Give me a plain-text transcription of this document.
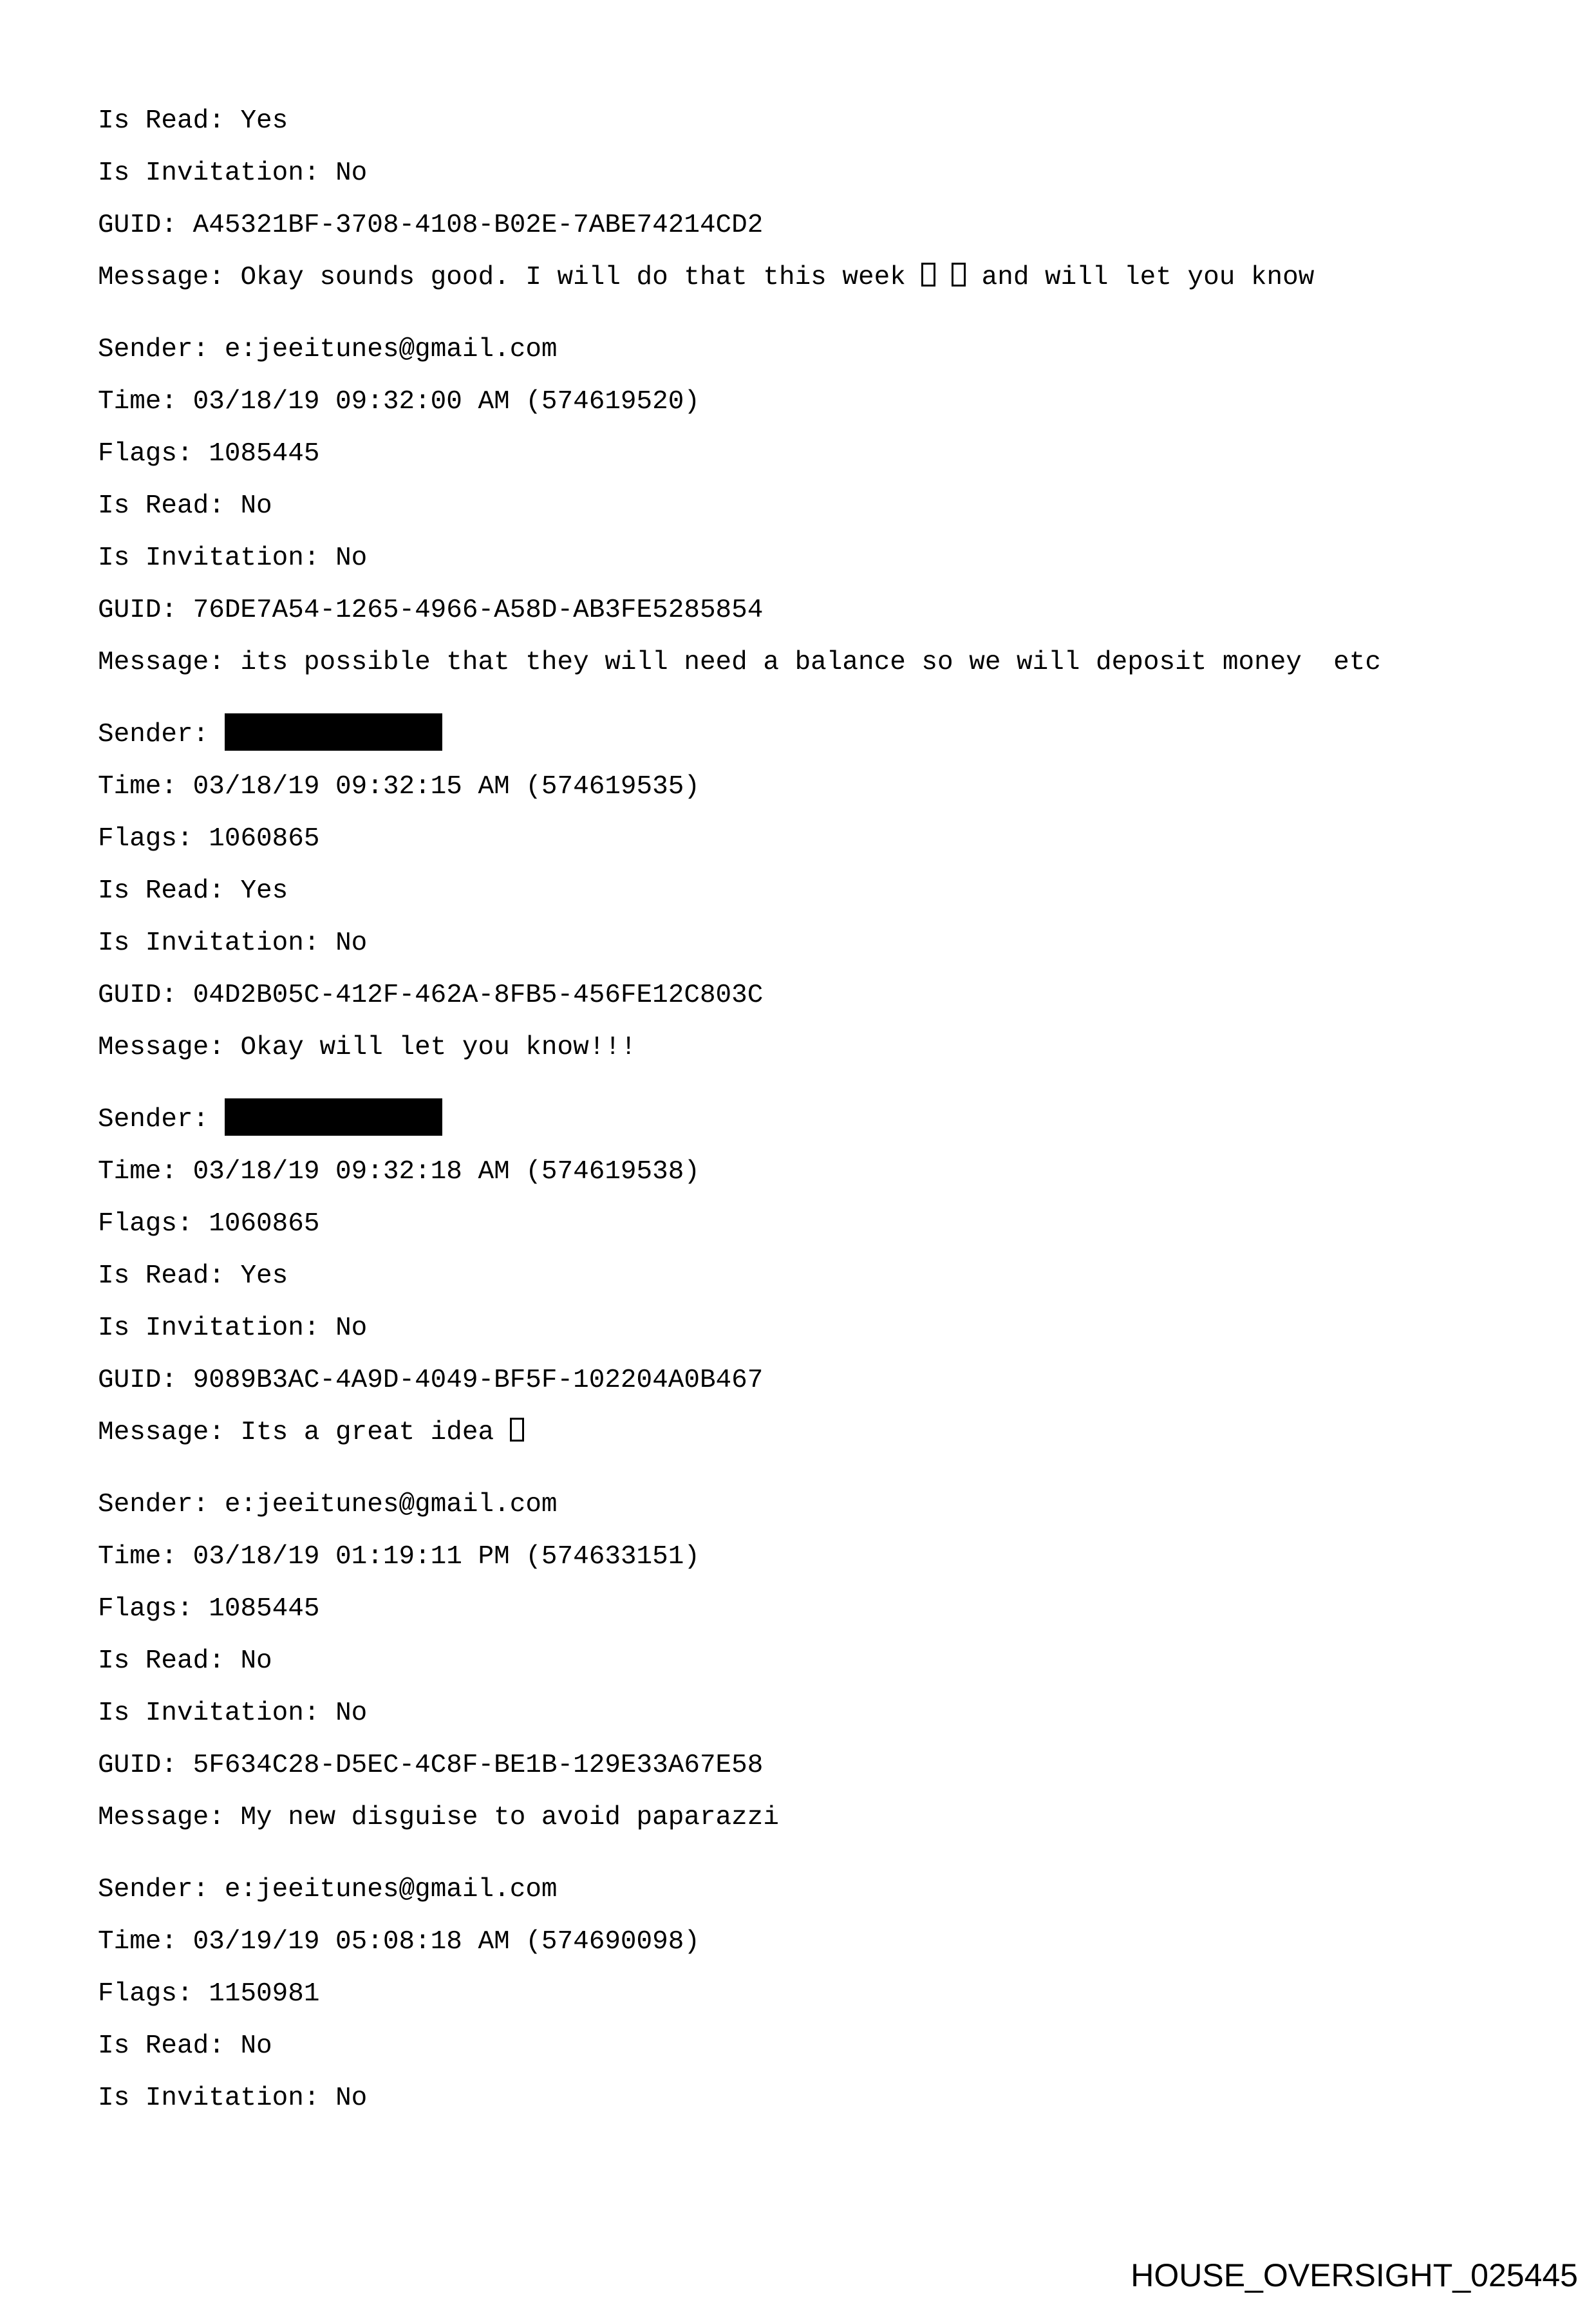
Is Read: Yes
Is Invitation: No
GUID: A45321BF-3708-4108-B02E-7ABE74214CD2
Message: Okay sounds good. I will do that this week   and will let you know
Sender: e:jeeitunes@gmail.com
Time: 03/18/19 09:32:00 AM (574619520)
Flags: 1085445
Is Read: No
Is Invitation: No
GUID: 76DE7A54-1265-4966-A58D-AB3FE5285854
Message: its possible that they will need a balance so we will deposit money  etc
Sender:
Time: 03/18/19 09:32:15 AM (574619535)
Flags: 1060865
Is Read: Yes
Is Invitation: No
GUID: 04D2B05C-412F-462A-8FB5-456FE12C803C
Message: Okay will let you know!!!
Sender:
Time: 03/18/19 09:32:18 AM (574619538)
Flags: 1060865
Is Read: Yes
Is Invitation: No
GUID: 9089B3AC-4A9D-4049-BF5F-102204A0B467
Message: Its a great idea
Sender: e:jeeitunes@gmail.com
Time: 03/18/19 01:19:11 PM (574633151)
Flags: 1085445
Is Read: No
Is Invitation: No
GUID: 5F634C28-D5EC-4C8F-BE1B-129E33A67E58
Message: My new disguise to avoid paparazzi
Sender: e:jeeitunes@gmail.com
Time: 03/19/19 05:08:18 AM (574690098)
Flags: 1150981
Is Read: No
Is Invitation: No
HOUSE_OVERSIGHT_025445
